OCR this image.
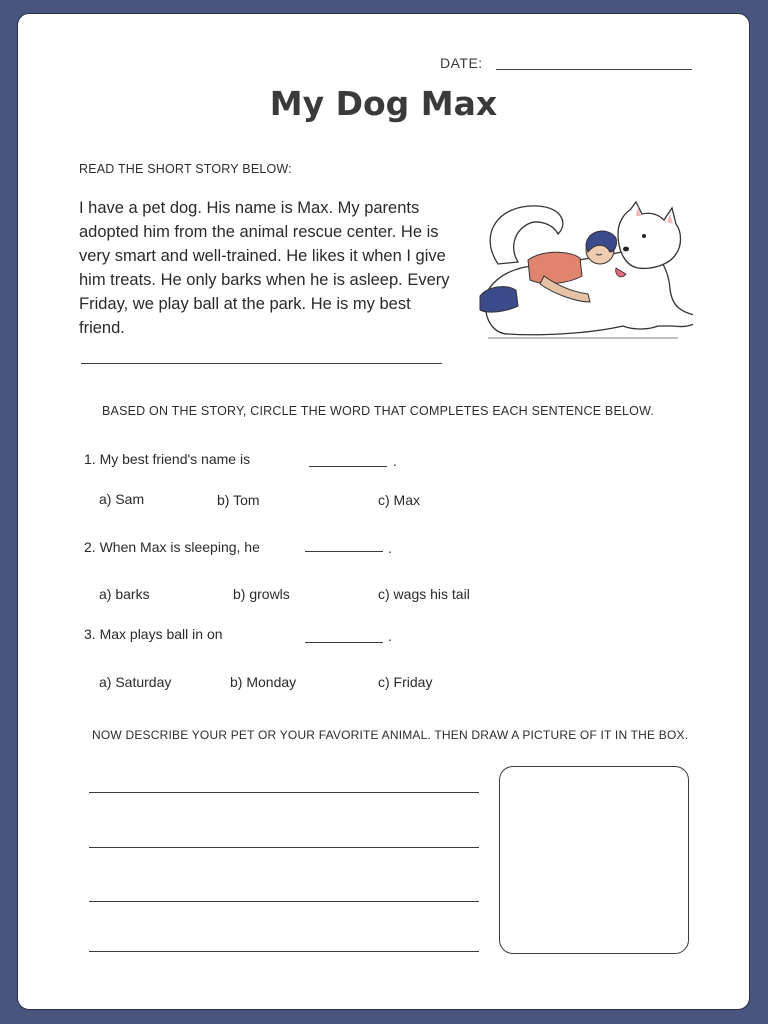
DATE:
My Dog Max
READ THE SHORT STORY BELOW:
I have a pet dog. His name is Max. My parents adopted him from the animal rescue center. He is very smart and well-trained. He likes it when I give him treats. He only barks when he is asleep. Every Friday, we play ball at the park. He is my best friend.
BASED ON THE STORY, CIRCLE THE WORD THAT COMPLETES EACH SENTENCE BELOW.
1. My best friend's name is	.
a) Sam	b) Tom	c) Max
2. When Max is sleeping, he	.
a) barks	b) growls	c) wags his tail
3. Max plays ball in on	.
a) Saturday	b) Monday	c) Friday
NOW DESCRIBE YOUR PET OR YOUR FAVORITE ANIMAL. THEN DRAW A PICTURE OF IT IN THE BOX.
